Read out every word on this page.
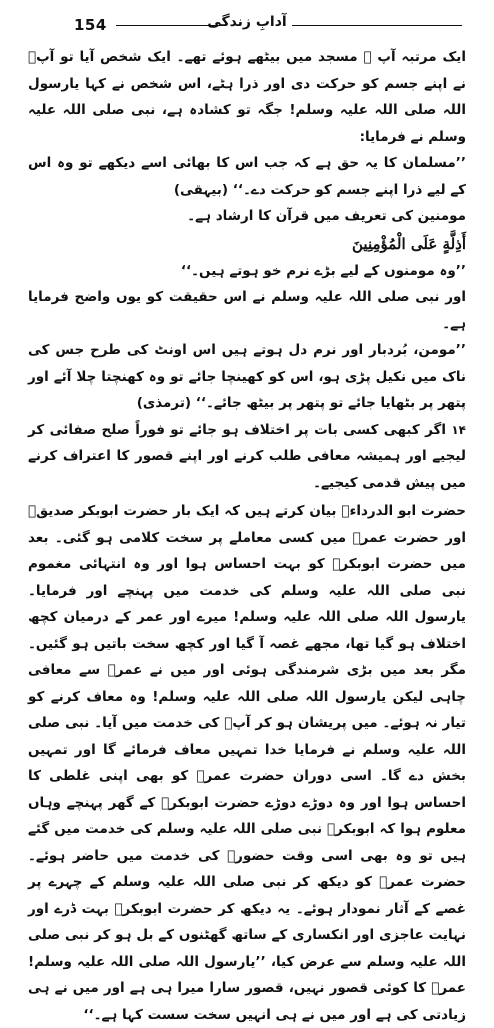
154	آدابِ زندگی

ایک مرتبہ آپ ﷺ مسجد میں بیٹھے ہوئے تھے۔ ایک شخص آیا تو آپؐ نے اپنے جسم کو حرکت دی اور ذرا ہٹے، اس شخص نے کہا یارسول اللہ صلی اللہ علیہ وسلم! جگہ تو کشادہ ہے، نبی صلی اللہ علیہ وسلم نے فرمایا:

’’مسلمان کا یہ حق ہے کہ جب اس کا بھائی اسے دیکھے تو وہ اس کے لیے ذرا اپنے جسم کو حرکت دے۔‘‘ (بیہقی)

مومنین کی تعریف میں قرآن کا ارشاد ہے۔

أَذِلَّةٍ عَلَى الْمُؤْمِنِينَ

’’وہ مومنوں کے لیے بڑے نرم خو ہوتے ہیں۔‘‘

اور نبی صلی اللہ علیہ وسلم نے اس حقیقت کو یوں واضح فرمایا ہے۔

’’مومن، بُردبار اور نرم دل ہوتے ہیں اس اونٹ کی طرح جس کی ناک میں نکیل پڑی ہو، اس کو کھینچا جائے تو وہ کھنچتا چلا آئے اور پتھر پر بٹھایا جائے تو پتھر پر بیٹھ جائے۔‘‘ (ترمذی)

۱۴ اگر کبھی کسی بات پر اختلاف ہو جائے تو فوراً صلح صفائی کر لیجیے اور ہمیشہ معافی طلب کرنے اور اپنے قصور کا اعتراف کرنے میں پیش قدمی کیجیے۔

حضرت ابو الدرداءؓ بیان کرتے ہیں کہ ایک بار حضرت ابوبکر صدیقؓ اور حضرت عمرؓ میں کسی معاملے پر سخت کلامی ہو گئی۔ بعد میں حضرت ابوبکرؓ کو بہت احساس ہوا اور وہ انتہائی مغموم نبی صلی اللہ علیہ وسلم کی خدمت میں پہنچے اور فرمایا۔ یارسول اللہ صلی اللہ علیہ وسلم! میرے اور عمر کے درمیان کچھ اختلاف ہو گیا تھا، مجھے غصہ آ گیا اور کچھ سخت باتیں ہو گئیں۔ مگر بعد میں بڑی شرمندگی ہوئی اور میں نے عمرؓ سے معافی چاہی لیکن یارسول اللہ صلی اللہ علیہ وسلم! وہ معاف کرنے کو تیار نہ ہوئے۔ میں پریشان ہو کر آپؐ کی خدمت میں آیا۔ نبی صلی اللہ علیہ وسلم نے فرمایا خدا تمہیں معاف فرمائے گا اور تمہیں بخش دے گا۔ اسی دوران حضرت عمرؓ کو بھی اپنی غلطی کا احساس ہوا اور وہ دوڑے دوڑے حضرت ابوبکرؓ کے گھر پہنچے وہاں معلوم ہوا کہ ابوبکرؓ نبی صلی اللہ علیہ وسلم کی خدمت میں گئے ہیں تو وہ بھی اسی وقت حضورؐ کی خدمت میں حاضر ہوئے۔ حضرت عمرؓ کو دیکھ کر نبی صلی اللہ علیہ وسلم کے چہرے پر غصے کے آثار نمودار ہوئے۔ یہ دیکھ کر حضرت ابوبکرؓ بہت ڈرے اور نہایت عاجزی اور انکساری کے ساتھ گھٹنوں کے بل ہو کر نبی صلی اللہ علیہ وسلم سے عرض کیا، ’’یارسول اللہ صلی اللہ علیہ وسلم! عمرؓ کا کوئی قصور نہیں، قصور سارا میرا ہی ہے اور میں نے ہی زیادتی کی ہے اور میں نے ہی انہیں سخت سست کہا ہے۔‘‘
